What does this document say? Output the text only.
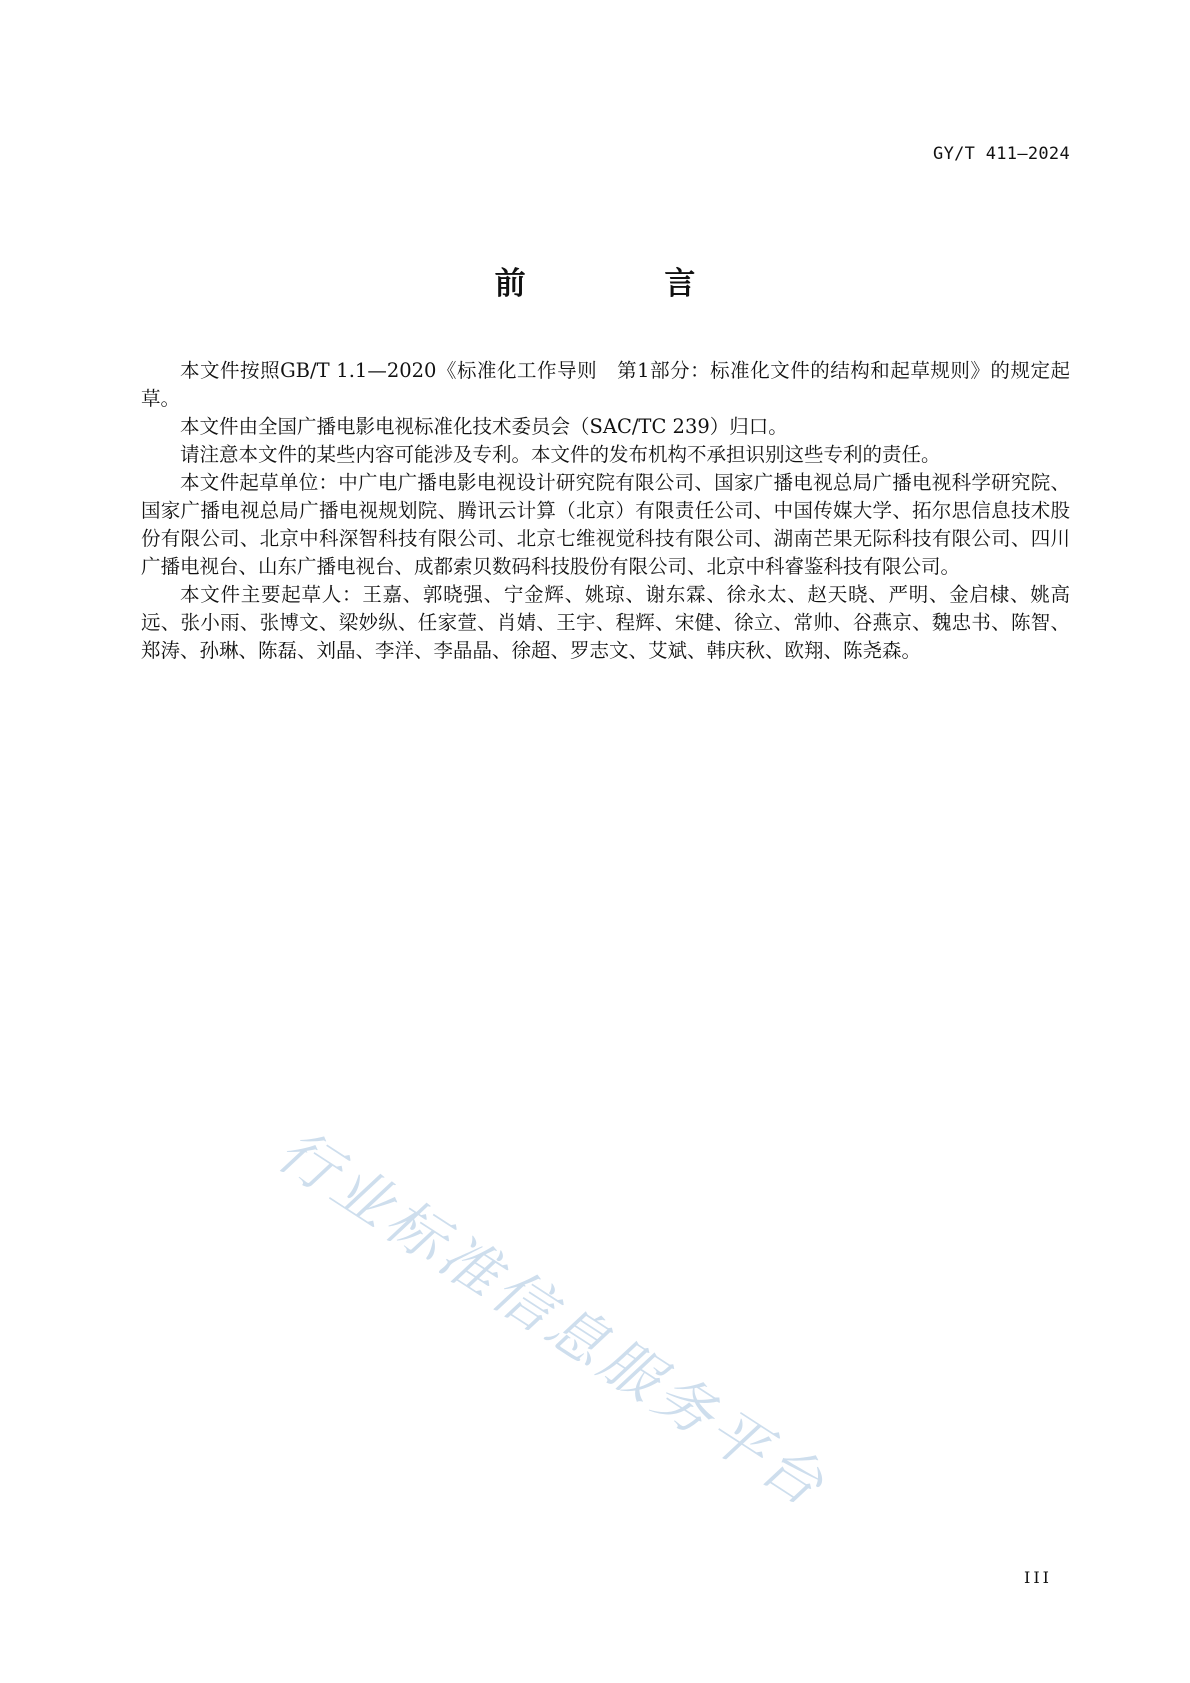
GY/T 411—2024
前 言

本文件按照GB/T 1.1—2020《标准化工作导则　第1部分：标准化文件的结构和起草规则》的规定起草。

本文件由全国广播电影电视标准化技术委员会（SAC/TC 239）归口。

请注意本文件的某些内容可能涉及专利。本文件的发布机构不承担识别这些专利的责任。

本文件起草单位：中广电广播电影电视设计研究院有限公司、国家广播电视总局广播电视科学研究院、国家广播电视总局广播电视规划院、腾讯云计算（北京）有限责任公司、中国传媒大学、拓尔思信息技术股份有限公司、北京中科深智科技有限公司、北京七维视觉科技有限公司、湖南芒果无际科技有限公司、四川广播电视台、山东广播电视台、成都索贝数码科技股份有限公司、北京中科睿鉴科技有限公司。

本文件主要起草人：王嘉、郭晓强、宁金辉、姚琼、谢东霖、徐永太、赵天晓、严明、金启棣、姚高远、张小雨、张博文、梁妙纵、任家萱、肖婧、王宇、程辉、宋健、徐立、常帅、谷燕京、魏忠书、陈智、郑涛、孙琳、陈磊、刘晶、李洋、李晶晶、徐超、罗志文、艾斌、韩庆秋、欧翔、陈尧森。

行业标准信息服务平台
III
